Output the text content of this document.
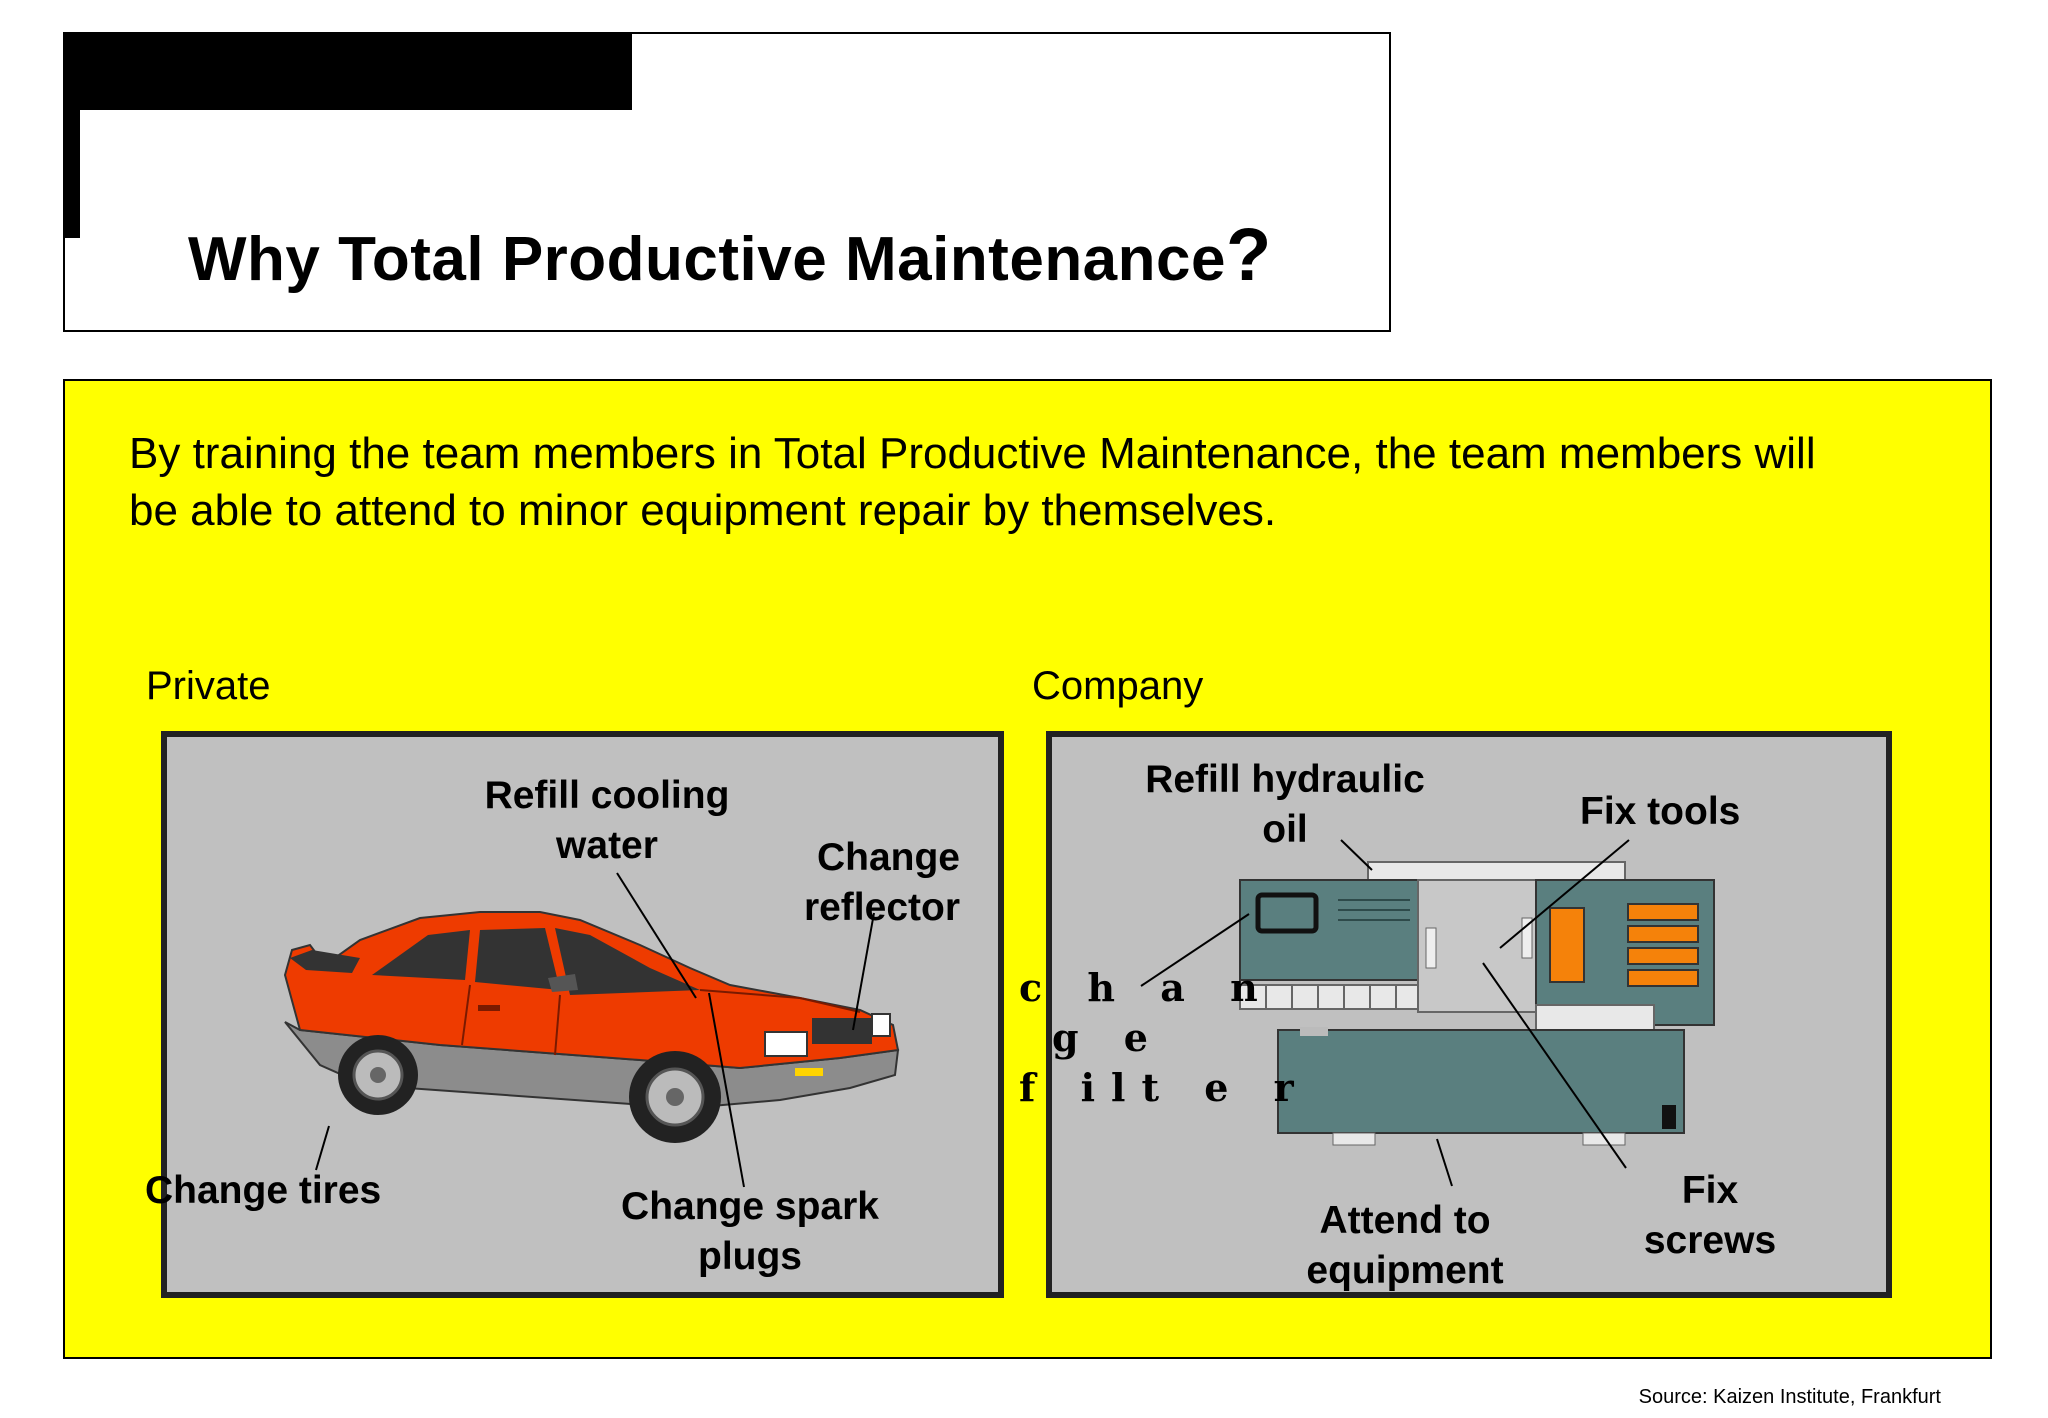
Why Total Productive Maintenance?

By training the team members in Total Productive Maintenance, the team members will be able to attend to minor equipment repair by themselves.

Private	Company
Refill cooling
water	Change
reflector
Change tires	Change spark
plugs
Refill hydraulic
oil	Fix tools
c h a n
g e
f ilt e r
Attend to
equipment
Fix
screws
Source: Kaizen Institute, Frankfurt
